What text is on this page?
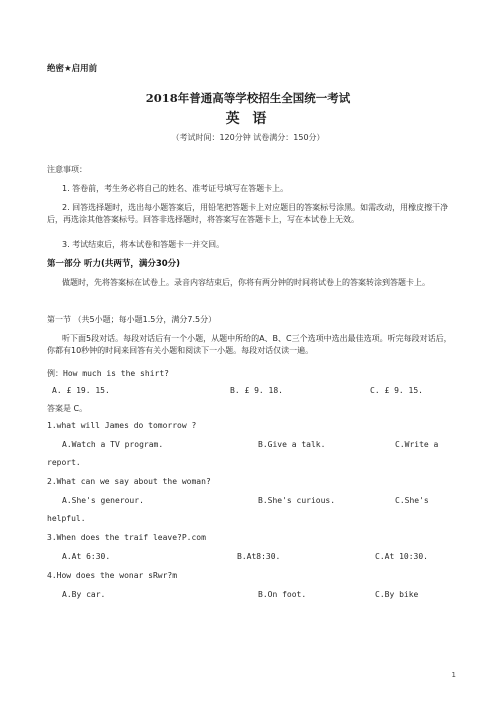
绝密★启用前
2018年普通高等学校招生全国统一考试
英 语
（考试时间：120分钟 试卷满分：150分）
注意事项：
1. 答卷前，考生务必将自己的姓名、准考证号填写在答题卡上。
2. 回答选择题时，选出每小题答案后，用铅笔把答题卡上对应题目的答案标号涂黑。如需改动，用橡皮擦干净后，再选涂其他答案标号。回答非选择题时，将答案写在答题卡上，写在本试卷上无效。
3. 考试结束后，将本试卷和答题卡一并交回。
第一部分 听力(共两节，满分30分)
做题时，先将答案标在试卷上。录音内容结束后，你将有两分钟的时间将试卷上的答案转涂到答题卡上。
第一节 （共5小题；每小题1.5分，满分7.5分）
听下面5段对话。每段对话后有一个小题，从题中所给的A、B、C三个选项中选出最佳选项。听完每段对话后，你都有10秒钟的时间来回答有关小题和阅读下一小题。每段对话仅读一遍。
例：How much is the shirt?
A. £ 19. 15.	B. £ 9. 18.	C. £ 9. 15.
答案是 C。
1.what will James do tomorrow ?
A.Watch a TV program.	B.Give a talk.	C.Write a
report.
2.What can we say about the woman?
A.She's generour.	B.She's curious.	C.She's
helpful.
3.When does the traif leave?P.com
A.At 6:30.	B.At8:30.	C.At 10:30.
4.How does the wonar sRwr?m
A.By car.	B.On foot.	C.By bike
1
